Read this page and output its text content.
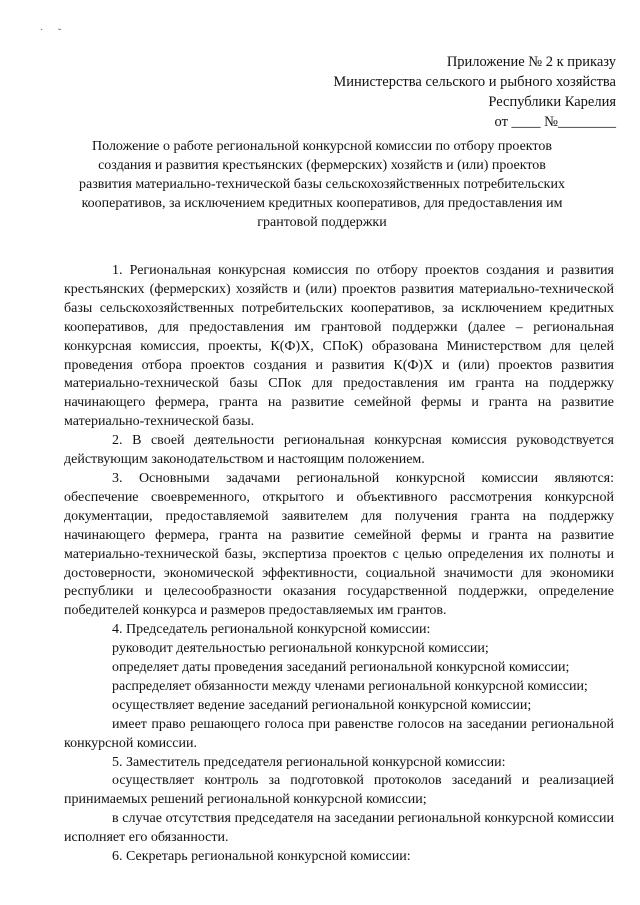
˙ ˇ
Приложение № 2 к приказу
Министерства сельского и рыбного хозяйства
Республики Карелия
от ____ №________
Положение о работе региональной конкурсной комиссии по отбору проектов создания и развития крестьянских (фермерских) хозяйств и (или) проектов развития материально-технической базы сельскохозяйственных потребительских кооперативов, за исключением кредитных кооперативов, для предоставления им грантовой поддержки

1. Региональная конкурсная комиссия по отбору проектов создания и развития крестьянских (фермерских) хозяйств и (или) проектов развития материально-технической базы сельскохозяйственных потребительских кооперативов, за исключением кредитных кооперативов, для предоставления им грантовой поддержки (далее – региональная конкурсная комиссия, проекты, К(Ф)Х, СПоК) образована Министерством для целей проведения отбора проектов создания и развития К(Ф)Х и (или) проектов развития материально-технической базы СПок для предоставления им гранта на поддержку начинающего фермера, гранта на развитие семейной фермы и гранта на развитие материально-технической базы.

2. В своей деятельности региональная конкурсная комиссия руководствуется действующим законодательством и настоящим положением.

3. Основными задачами региональной конкурсной комиссии являются: обеспечение своевременного, открытого и объективного рассмотрения конкурсной документации, предоставляемой заявителем для получения гранта на поддержку начинающего фермера, гранта на развитие семейной фермы и гранта на развитие материально-технической базы, экспертиза проектов с целью определения их полноты и достоверности, экономической эффективности, социальной значимости для экономики республики и целесообразности оказания государственной поддержки, определение победителей конкурса и размеров предоставляемых им грантов.

4. Председатель региональной конкурсной комиссии:

руководит деятельностью региональной конкурсной комиссии;

определяет даты проведения заседаний региональной конкурсной комиссии;

распределяет обязанности между членами региональной конкурсной комиссии;

осуществляет ведение заседаний региональной конкурсной комиссии;

имеет право решающего голоса при равенстве голосов на заседании региональной конкурсной комиссии.

5. Заместитель председателя региональной конкурсной комиссии:

осуществляет контроль за подготовкой протоколов заседаний и реализацией принимаемых решений региональной конкурсной комиссии;

в случае отсутствия председателя на заседании региональной конкурсной комиссии исполняет его обязанности.

6. Секретарь региональной конкурсной комиссии:
